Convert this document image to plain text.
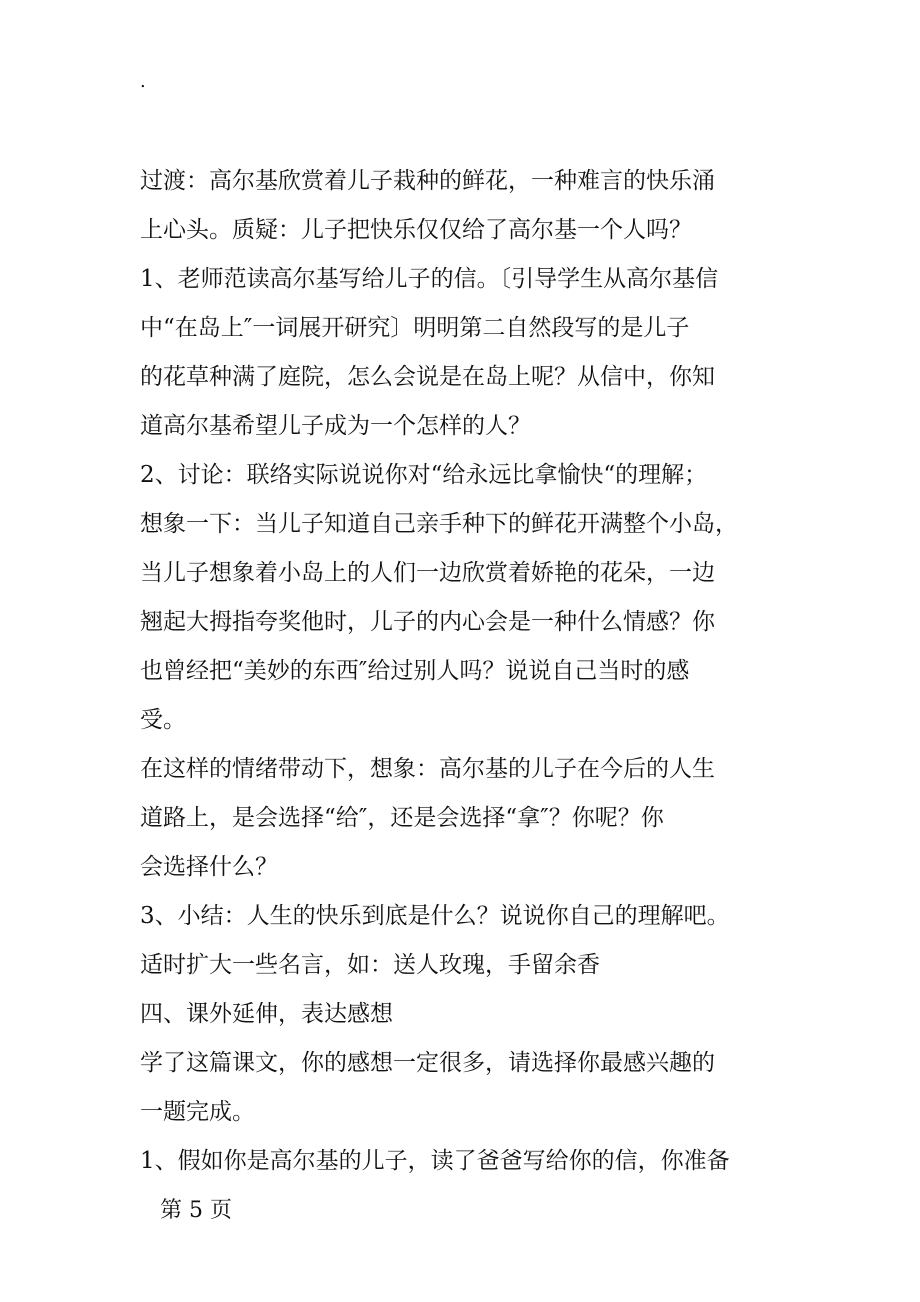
.
过渡：高尔基欣赏着儿子栽种的鲜花，一种难言的快乐涌
上心头。质疑：儿子把快乐仅仅给了高尔基一个人吗？
1、老师范读高尔基写给儿子的信。〔引导学生从高尔基信
中“在岛上″一词展开研究〕明明第二自然段写的是儿子
的花草种满了庭院，怎么会说是在岛上呢？从信中，你知
道高尔基希望儿子成为一个怎样的人？
2、讨论：联络实际说说你对“给永远比拿愉快“的理解；
想象一下：当儿子知道自己亲手种下的鲜花开满整个小岛，
当儿子想象着小岛上的人们一边欣赏着娇艳的花朵，一边
翘起大拇指夸奖他时，儿子的内心会是一种什么情感？你
也曾经把“美妙的东西″给过别人吗？说说自己当时的感
受。
在这样的情绪带动下，想象：高尔基的儿子在今后的人生
道路上，是会选择“给″，还是会选择“拿″？你呢？你
会选择什么？
3、小结：人生的快乐到底是什么？说说你自己的理解吧。
适时扩大一些名言，如：送人玫瑰，手留余香
四、课外延伸，表达感想
学了这篇课文，你的感想一定很多，请选择你最感兴趣的
一题完成。
1、假如你是高尔基的儿子，读了爸爸写给你的信，你准备
第 5 页
